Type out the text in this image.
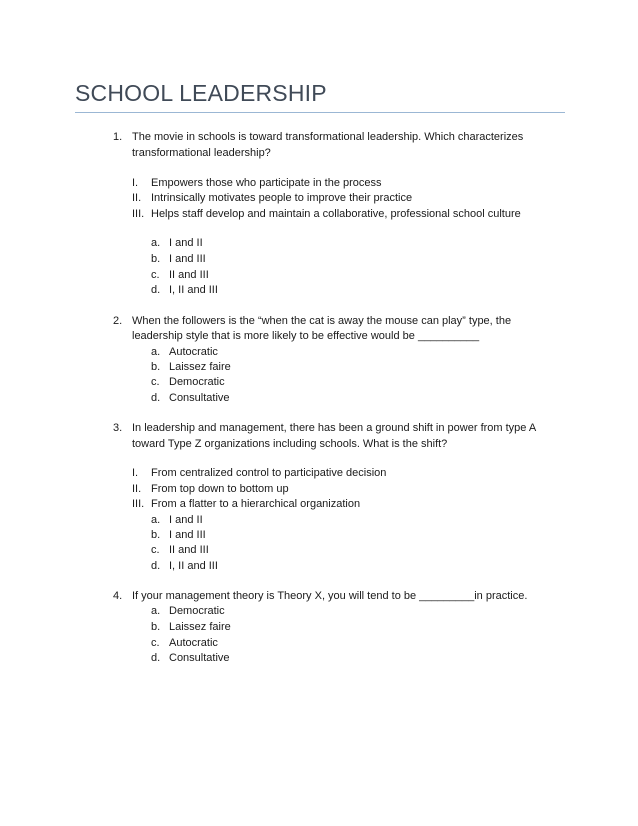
SCHOOL LEADERSHIP
1. The movie in schools is toward transformational leadership. Which characterizes
transformational leadership?
I. Empowers those who participate in the process
II. Intrinsically motivates people to improve their practice
III. Helps staff develop and maintain a collaborative, professional school culture
a. I and II
b. I and III
c. II and III
d. I, II and III
2. When the followers is the “when the cat is away the mouse can play” type, the
leadership style that is more likely to be effective would be __________
a. Autocratic
b. Laissez faire
c. Democratic
d. Consultative
3. In leadership and management, there has been a ground shift in power from type A
toward Type Z organizations including schools. What is the shift?
I. From centralized control to participative decision
II. From top down to bottom up
III. From a flatter to a hierarchical organization
a. I and II
b. I and III
c. II and III
d. I, II and III
4. If your management theory is Theory X, you will tend to be _________in practice.
a. Democratic
b. Laissez faire
c. Autocratic
d. Consultative
